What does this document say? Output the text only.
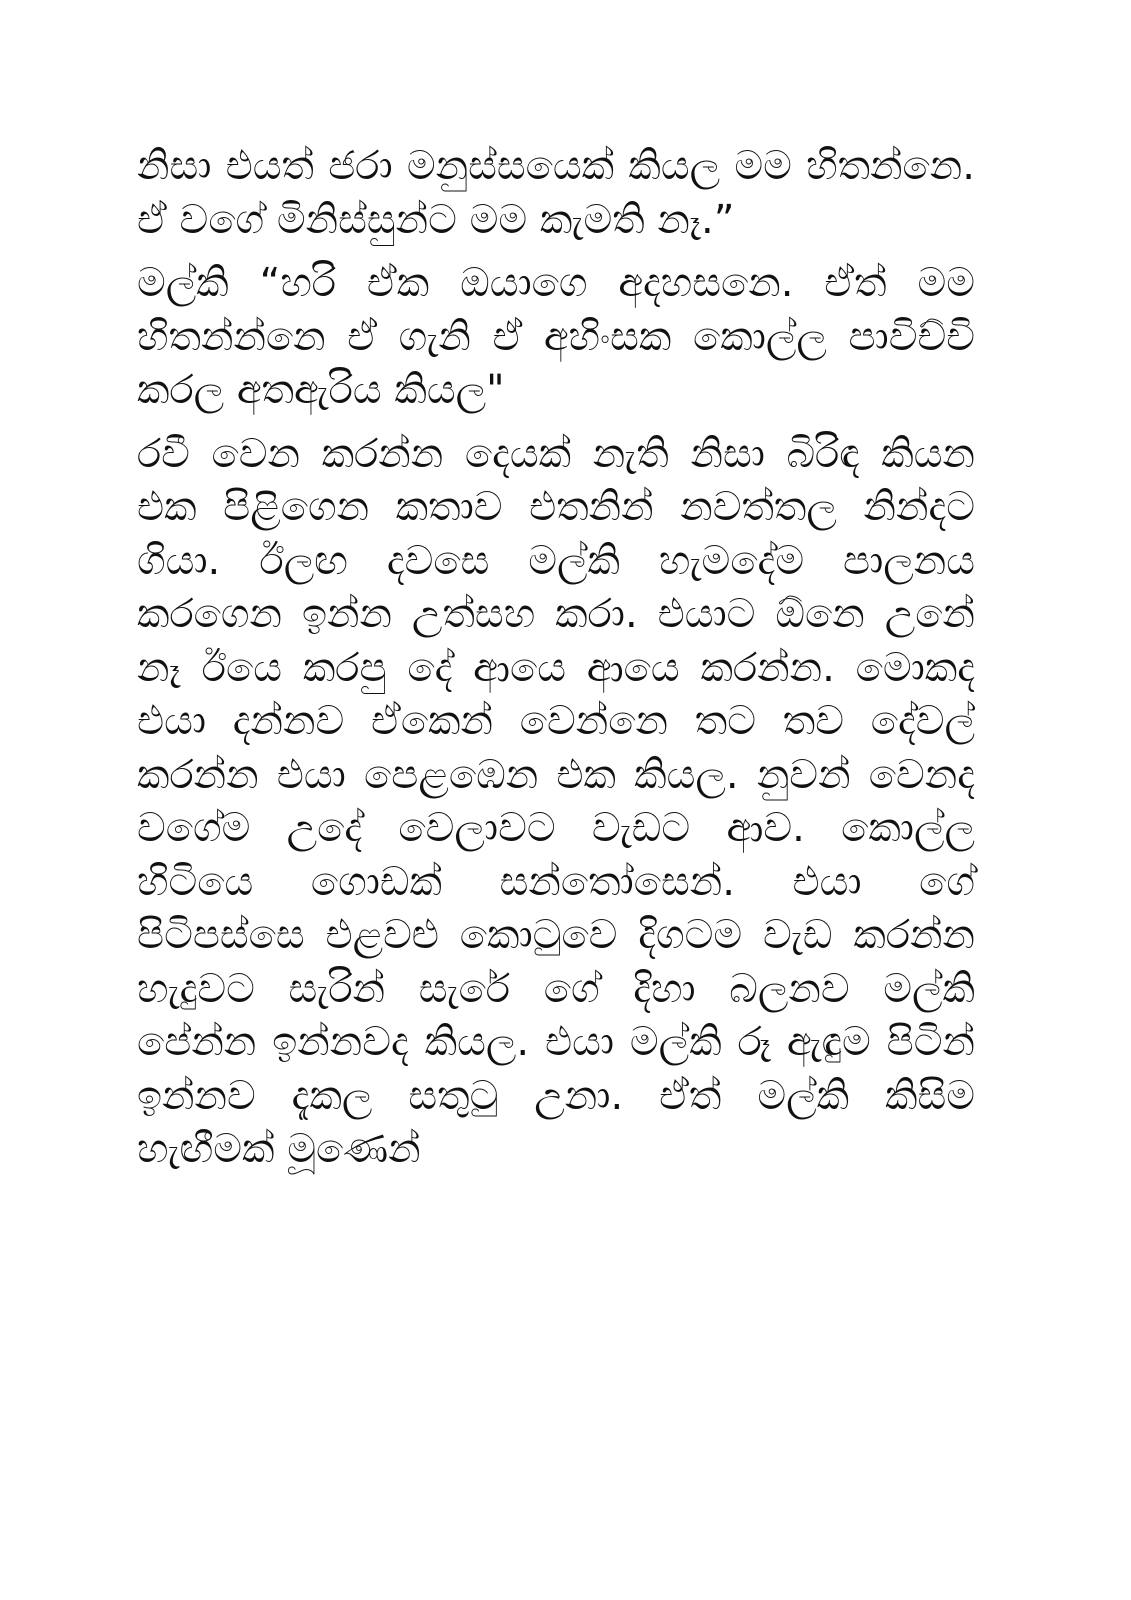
නිසා එයත් ජරා මනුස්සයෙක් කියල මම හිතන්නෙ. ඒ වගේ මිනිස්සුන්ට මම කැමති නෑ.”

මල්කි “හරි ඒක ඔයාගෙ අදහසනෙ. ඒත් මම හිතන්න්නෙ ඒ ගැනි ඒ අහිංසක කොල්ල පාවිච්චි කරල අතඇරිය කියල"

රවී වෙන කරන්න දෙයක් නැති නිසා බිරිඳ කියන එක පිළිගෙන කතාව එතනින් නවත්තල නින්දට ගියා. ඊලඟ දවසෙ මල්කි හැමදේම පාලනය කරගෙන ඉන්න උත්සහ කරා. එයාට ඕනෙ උනේ නෑ ඊයෙ කරපු දේ ආයෙ ආයෙ කරන්න. මොකද එයා දන්නව ඒකෙන් වෙන්නෙ තට තව දේවල් කරන්න එයා පෙළඹෙන එක කියල. නුවන් වෙනද වගේම උදේ වෙලාවට වැඩට ආව. කොල්ල හිටියෙ ගොඩක් සන්තෝසෙන්. එයා ගේ පිටිපස්සෙ එළවළු කොටුවෙ දිගටම වැඩ කරන්න හැදුවට සැරින් සැරේ ගේ දිහා බලනව මල්කි පේන්න ඉන්නවද කියල. එයා මල්කි රූ ඇඳුම පිටින් ඉන්නව දැකල සතුටු උනා. ඒත් මල්කි කිසිම හැඟීමක් මූණෙන්
